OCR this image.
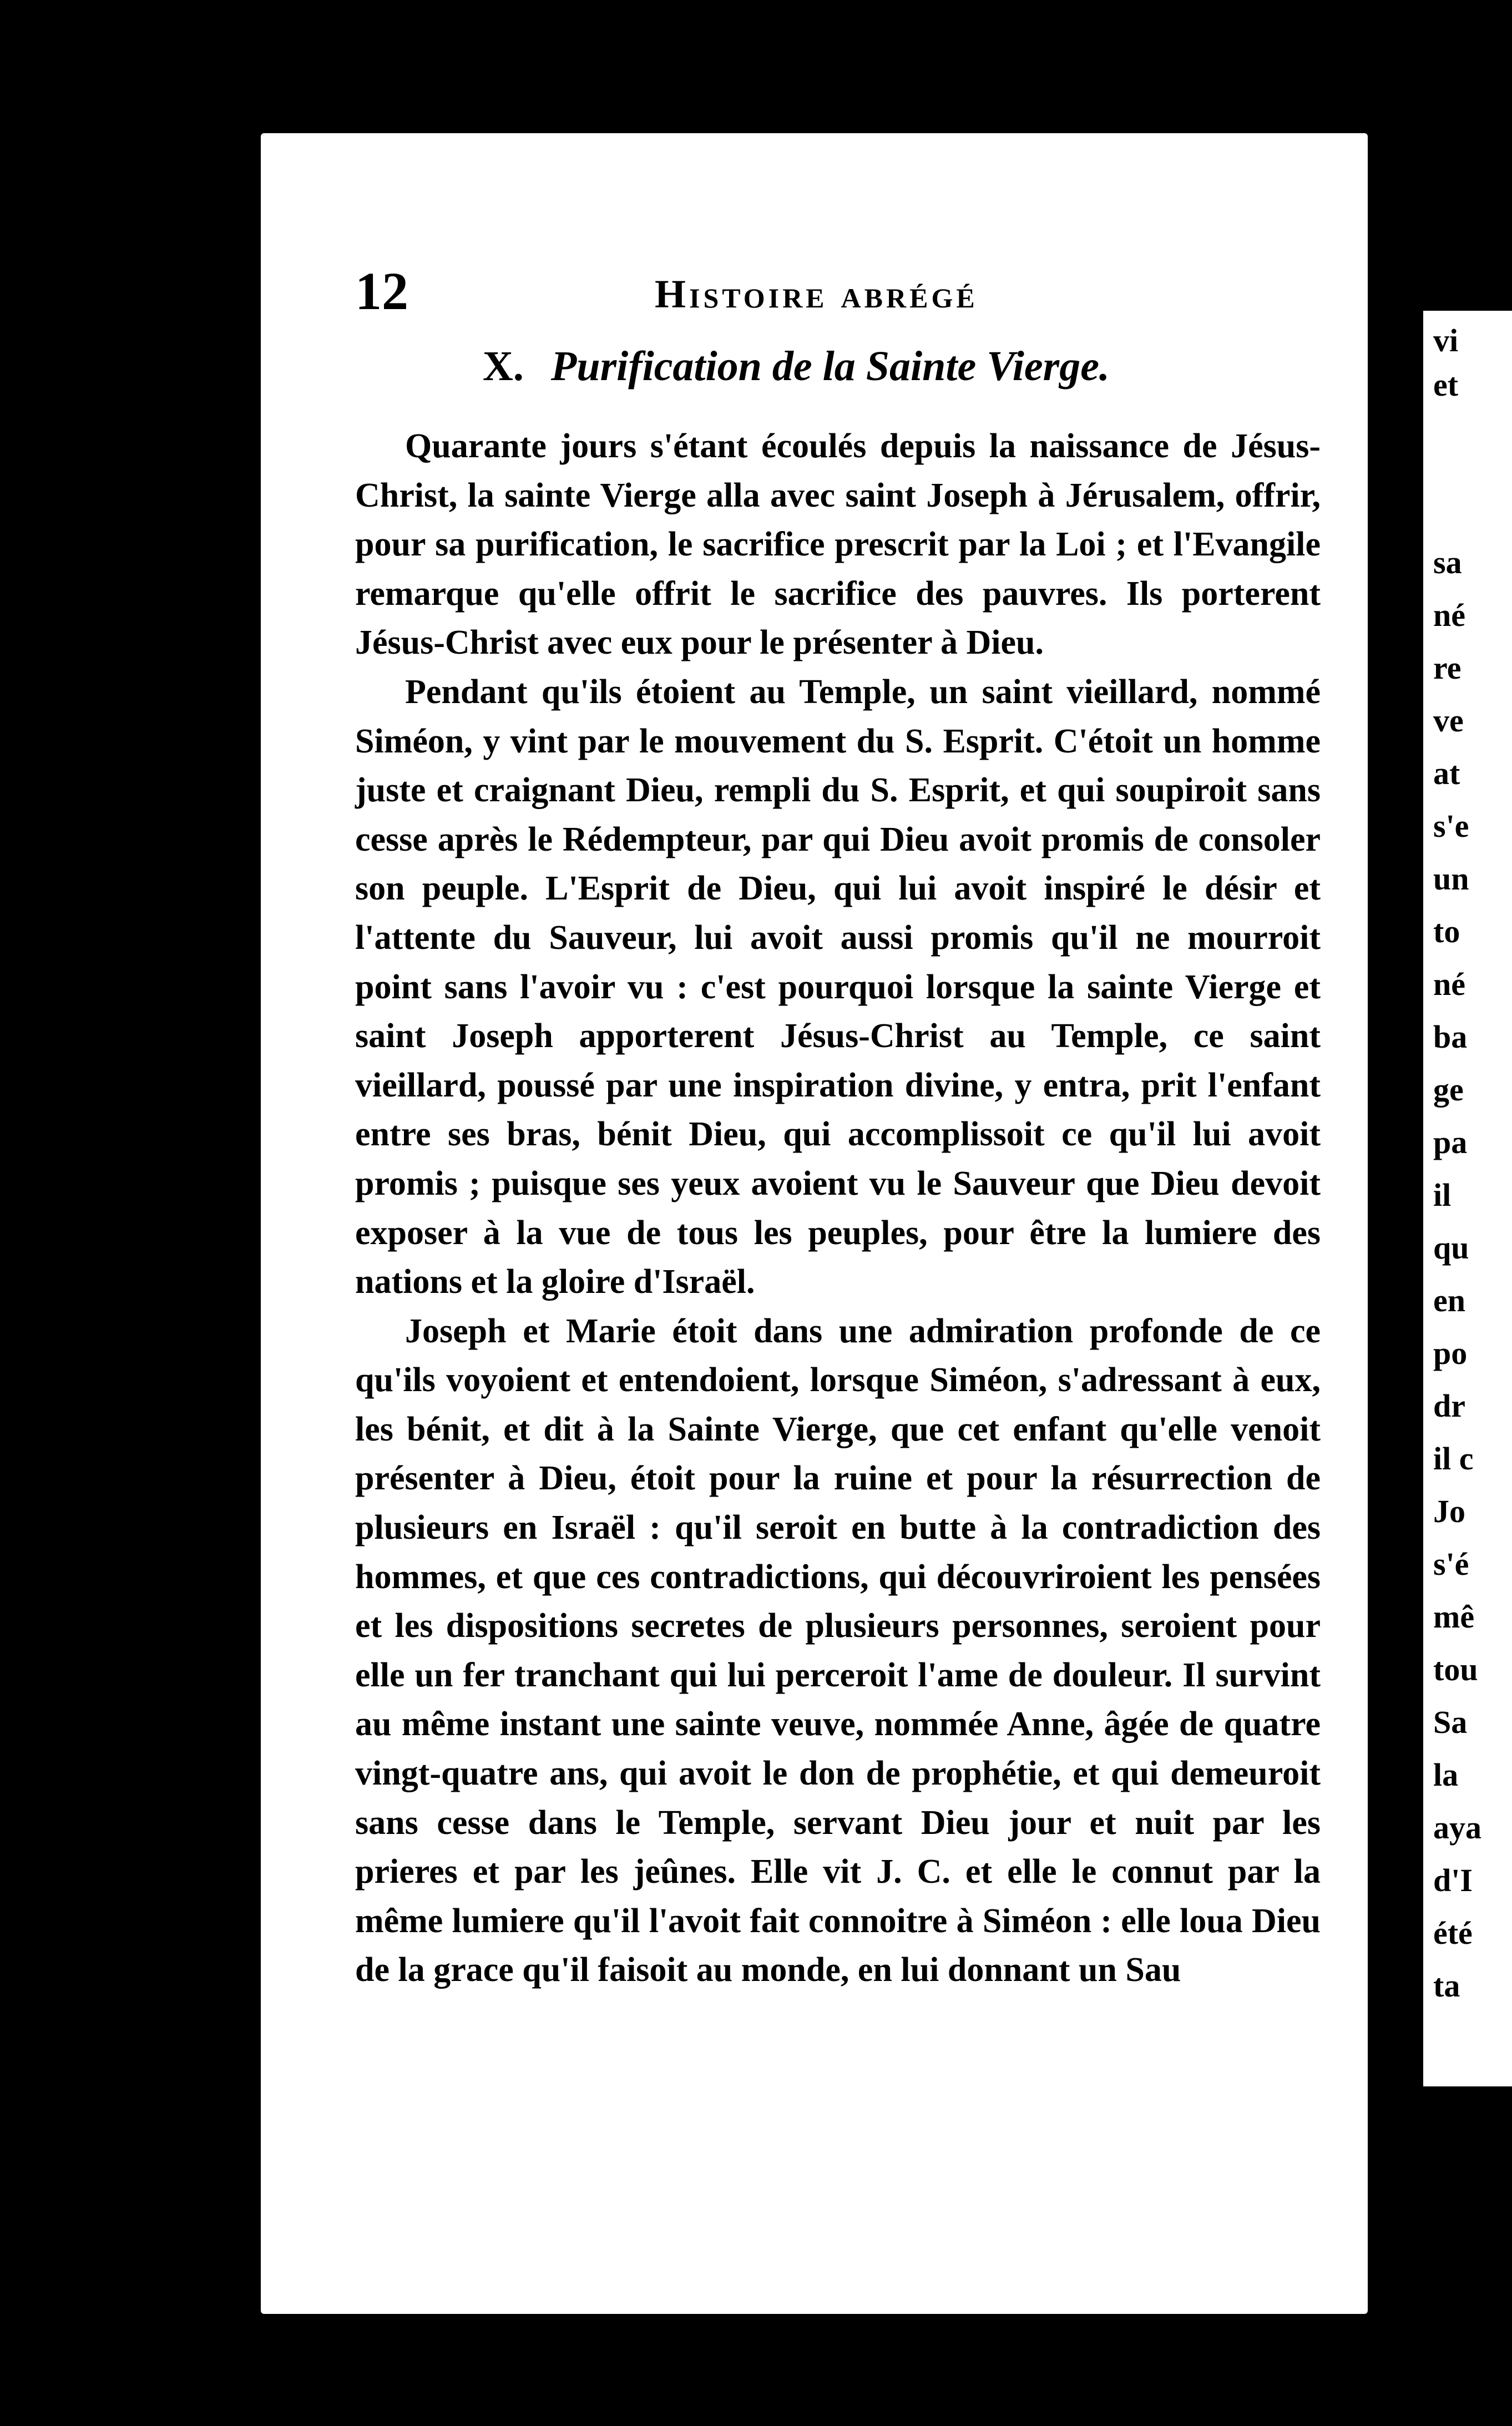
12	Histoire abrégé
X. Purification de la Sainte Vierge.

Quarante jours s'étant écoulés depuis la naissance de Jésus-Christ, la sainte Vierge alla avec saint Joseph à Jérusalem, offrir, pour sa purification, le sacrifice prescrit par la Loi ; et l'Evangile remarque qu'elle offrit le sacrifice des pauvres. Ils porterent Jésus-Christ avec eux pour le présenter à Dieu.

Pendant qu'ils étoient au Temple, un saint vieillard, nommé Siméon, y vint par le mouvement du S. Esprit. C'étoit un homme juste et craignant Dieu, rempli du S. Esprit, et qui soupiroit sans cesse après le Rédempteur, par qui Dieu avoit promis de consoler son peuple. L'Esprit de Dieu, qui lui avoit inspiré le désir et l'attente du Sauveur, lui avoit aussi promis qu'il ne mourroit point sans l'avoir vu : c'est pourquoi lorsque la sainte Vierge et saint Joseph apporterent Jésus-Christ au Temple, ce saint vieillard, poussé par une inspiration divine, y entra, prit l'enfant entre ses bras, bénit Dieu, qui accomplissoit ce qu'il lui avoit promis ; puisque ses yeux avoient vu le Sauveur que Dieu devoit exposer à la vue de tous les peuples, pour être la lumiere des nations et la gloire d'Israël.

Joseph et Marie étoit dans une admiration profonde de ce qu'ils voyoient et entendoient, lorsque Siméon, s'adressant à eux, les bénit, et dit à la Sainte Vierge, que cet enfant qu'elle venoit présenter à Dieu, étoit pour la ruine et pour la résurrection de plusieurs en Israël : qu'il seroit en butte à la contradiction des hommes, et que ces contradictions, qui découvriroient les pensées et les dispositions secretes de plusieurs personnes, seroient pour elle un fer tranchant qui lui perceroit l'ame de douleur. Il survint au même instant une sainte veuve, nommée Anne, âgée de quatre vingt-quatre ans, qui avoit le don de prophétie, et qui demeuroit sans cesse dans le Temple, servant Dieu jour et nuit par les prieres et par les jeûnes. Elle vit J. C. et elle le connut par la même lumiere qu'il l'avoit fait connoitre à Siméon : elle loua Dieu de la grace qu'il faisoit au monde, en lui donnant un Sau

vi
et
sa
né
re
ve
at
s'e
un
to
né
ba
ge
pa
il
qu
en
po
dr
il c
Jo
s'é
mê
tou
Sa
la
aya
d'I
été
ta
